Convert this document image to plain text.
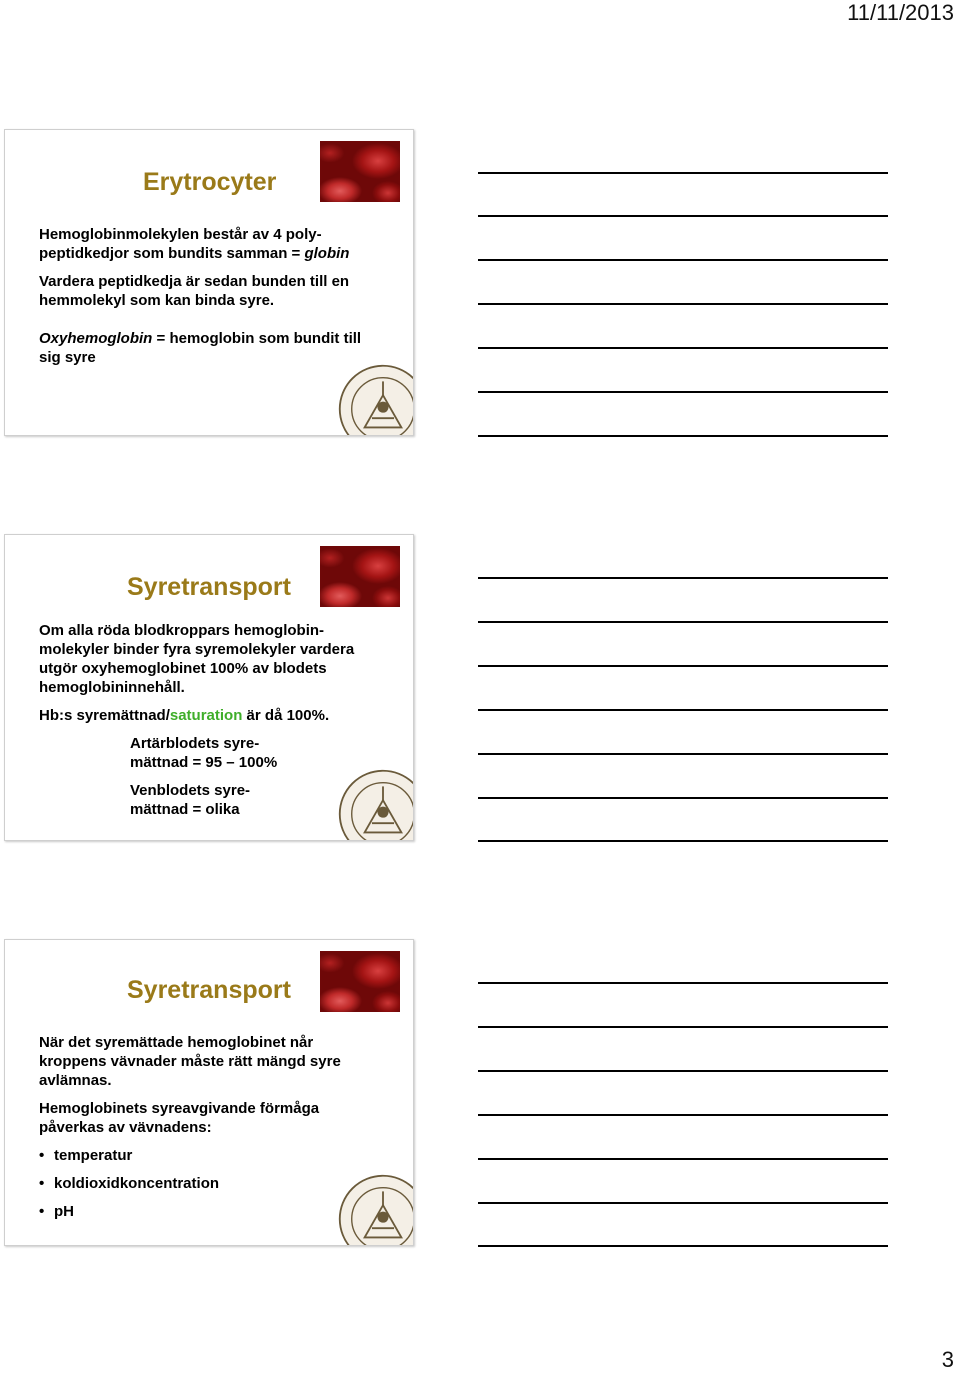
11/11/2013
Erytrocyter

Hemoglobinmolekylen består av 4 poly-peptidkedjor som bundits samman = globin

Vardera peptidkedja är sedan bunden till en hemmolekyl som kan binda syre.

Oxyhemoglobin = hemoglobin som bundit till sig syre

Syretransport

Om alla röda blodkroppars hemoglobin-molekyler binder fyra syremolekyler vardera utgör oxyhemoglobinet 100% av blodets hemoglobininnehåll.

Hb:s syremättnad/saturation är då 100%.

Artärblodets syre-mättnad = 95 – 100%

Venblodets syre-mättnad = olika

Syretransport

När det syremättade hemoglobinet når kroppens vävnader måste rätt mängd syre avlämnas.

Hemoglobinets syreavgivande förmåga påverkas av vävnadens:

• temperatur
• koldioxidkoncentration
• pH
3
